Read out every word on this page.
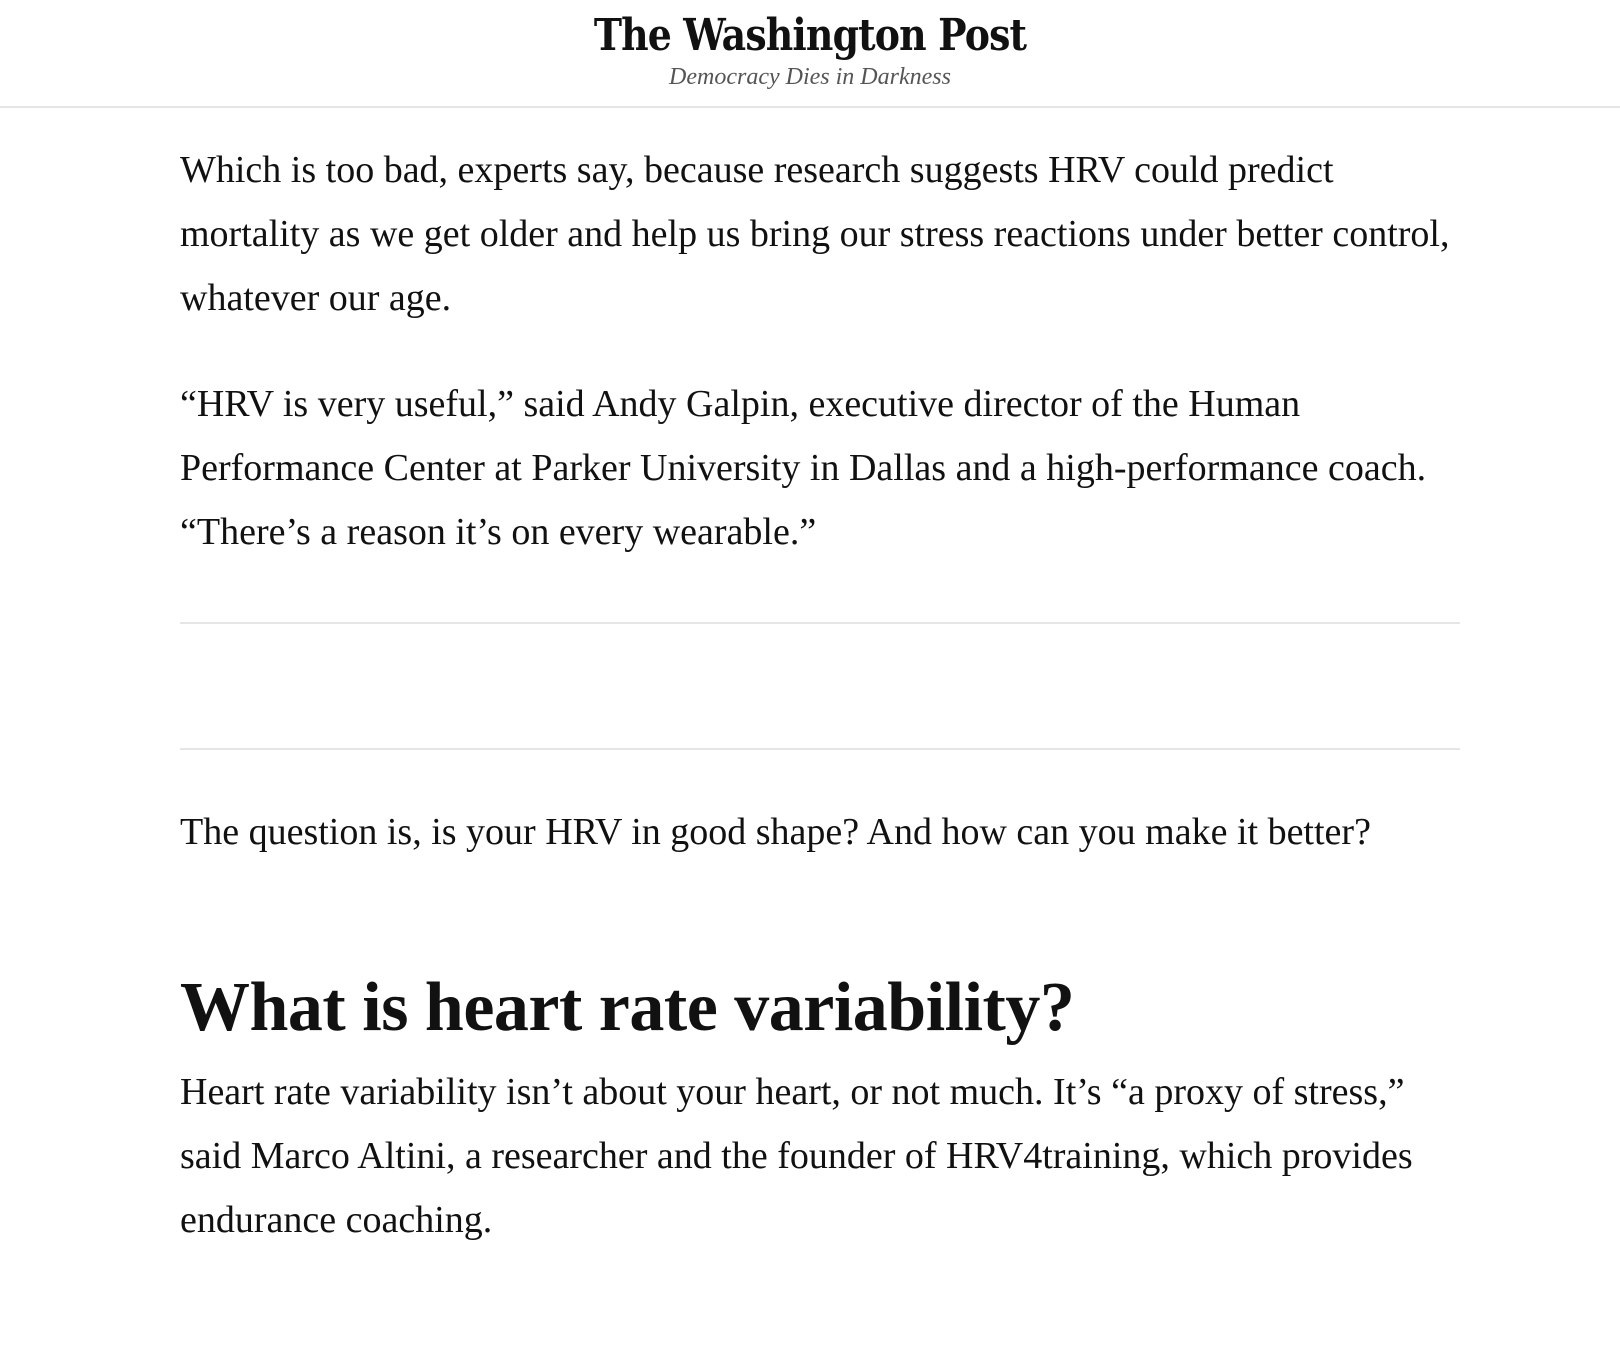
The Washington Post
Democracy Dies in Darkness

Which is too bad, experts say, because research suggests HRV could predict mortality as we get older and help us bring our stress reactions under better control, whatever our age.

“HRV is very useful,” said Andy Galpin, executive director of the Human Performance Center at Parker University in Dallas and a high-performance coach. “There’s a reason it’s on every wearable.”

The question is, is your HRV in good shape? And how can you make it better?

What is heart rate variability?

Heart rate variability isn’t about your heart, or not much. It’s “a proxy of stress,” said Marco Altini, a researcher and the founder of HRV4training, which provides endurance coaching.
